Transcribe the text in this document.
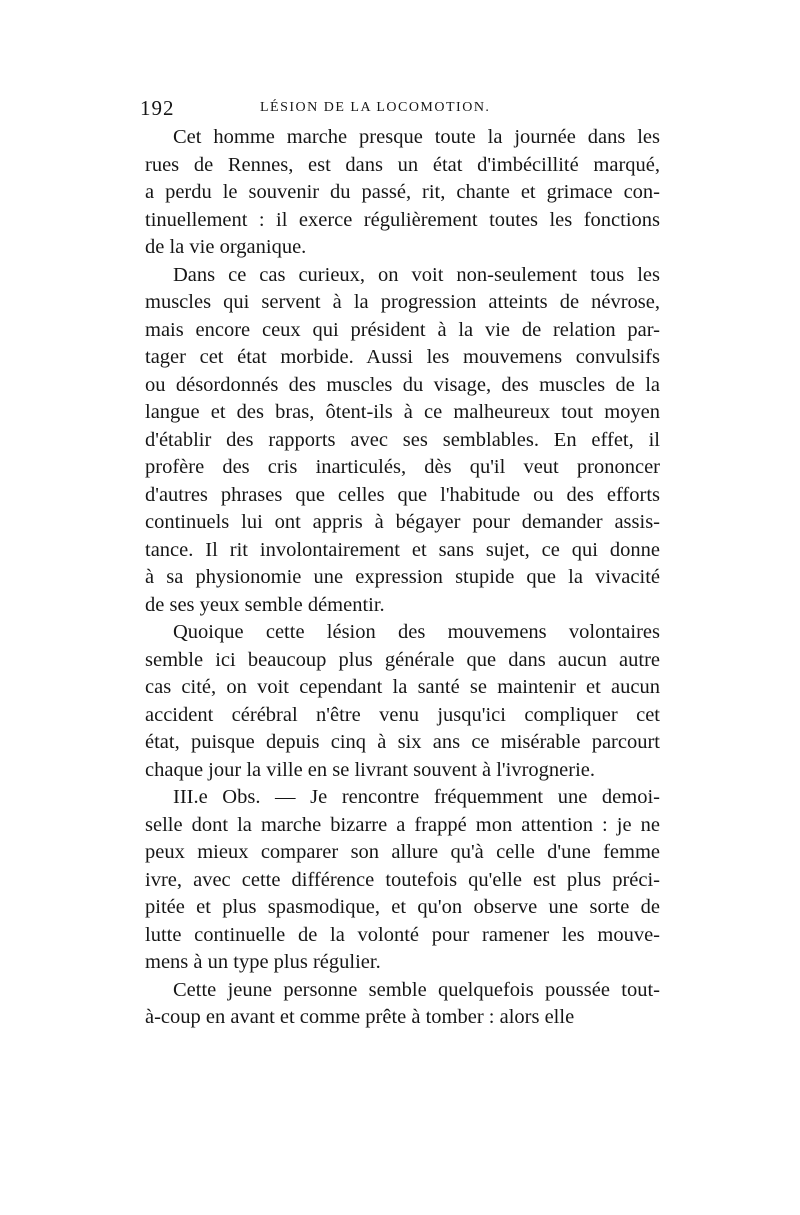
192	LÉSION DE LA LOCOMOTION.
Cet homme marche presque toute la journée dans les
rues de Rennes, est dans un état d'imbécillité marqué,
a perdu le souvenir du passé, rit, chante et grimace con-
tinuellement : il exerce régulièrement toutes les fonctions
de la vie organique.
Dans ce cas curieux, on voit non-seulement tous les
muscles qui servent à la progression atteints de névrose,
mais encore ceux qui président à la vie de relation par-
tager cet état morbide. Aussi les mouvemens convulsifs
ou désordonnés des muscles du visage, des muscles de la
langue et des bras, ôtent-ils à ce malheureux tout moyen
d'établir des rapports avec ses semblables. En effet, il
profère des cris inarticulés, dès qu'il veut prononcer
d'autres phrases que celles que l'habitude ou des efforts
continuels lui ont appris à bégayer pour demander assis-
tance. Il rit involontairement et sans sujet, ce qui donne
à sa physionomie une expression stupide que la vivacité
de ses yeux semble démentir.
Quoique cette lésion des mouvemens volontaires
semble ici beaucoup plus générale que dans aucun autre
cas cité, on voit cependant la santé se maintenir et aucun
accident cérébral n'être venu jusqu'ici compliquer cet
état, puisque depuis cinq à six ans ce misérable parcourt
chaque jour la ville en se livrant souvent à l'ivrognerie.
III.e Obs. — Je rencontre fréquemment une demoi-
selle dont la marche bizarre a frappé mon attention : je ne
peux mieux comparer son allure qu'à celle d'une femme
ivre, avec cette différence toutefois qu'elle est plus préci-
pitée et plus spasmodique, et qu'on observe une sorte de
lutte continuelle de la volonté pour ramener les mouve-
mens à un type plus régulier.
Cette jeune personne semble quelquefois poussée tout-
à-coup en avant et comme prête à tomber : alors elle
